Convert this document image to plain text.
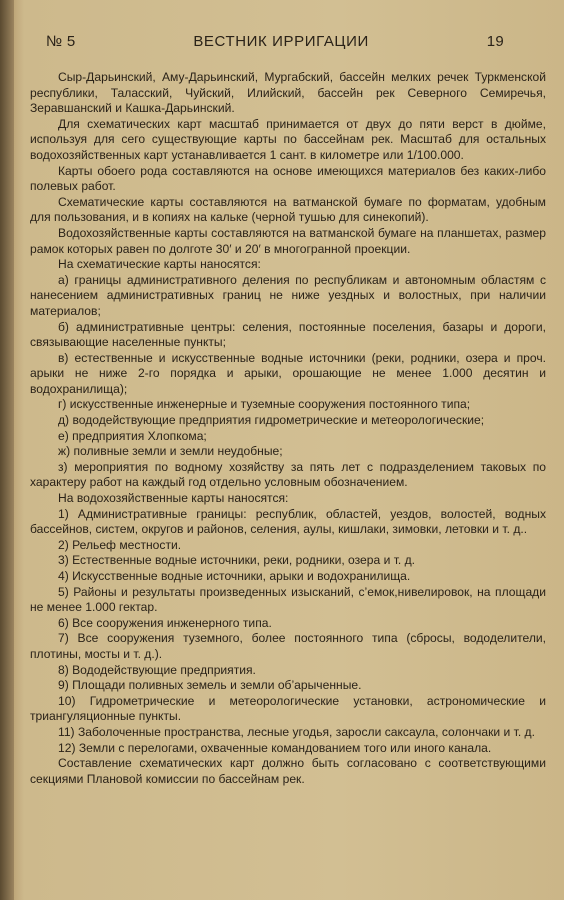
№ 5	ВЕСТНИК ИРРИГАЦИИ	19

Сыр-Дарьинский, Аму-Дарьинский, Мургабский, бассейн мелких речек Туркменской республики, Таласский, Чуйский, Илийский, бассейн рек Северного Семиречья, Зеравшанский и Кашка-Дарьинский.

Для схематических карт масштаб принимается от двух до пяти верст в дюйме, используя для сего существующие карты по бассейнам рек. Масштаб для остальных водохозяйственных карт устанавливается 1 сант. в километре или 1/100.000.

Карты обоего рода составляются на основе имеющихся материалов без каких-либо полевых работ.

Схематические карты составляются на ватманской бумаге по форматам, удобным для пользования, и в копиях на кальке (черной тушью для синекопий).

Водохозяйственные карты составляются на ватманской бумаге на планшетах, размер рамок которых равен по долготе 30′ и 20′ в многогранной проекции.

На схематические карты наносятся:

а) границы административного деления по республикам и автономным областям с нанесением административных границ не ниже уездных и волостных, при наличии материалов;

б) административные центры: селения, постоянные поселения, базары и дороги, связывающие населенные пункты;

в) естественные и искусственные водные источники (реки, родники, озера и проч. арыки не ниже 2-го порядка и арыки, орошающие не менее 1.000 десятин и водохранилища);

г) искусственные инженерные и туземные сооружения постоянного типа;

д) вододействующие предприятия гидрометрические и метеорологические;

е) предприятия Хлопкома;

ж) поливные земли и земли неудобные;

з) мероприятия по водному хозяйству за пять лет с подразделением таковых по характеру работ на каждый год отдельно условным обозначением.

На водохозяйственные карты наносятся:

1) Административные границы: республик, областей, уездов, волостей, водных бассейнов, систем, округов и районов, селения, аулы, кишлаки, зимовки, летовки и т. д..

2) Рельеф местности.

3) Естественные водные источники, реки, родники, озера и т. д.

4) Искусственные водные источники, арыки и водохранилища.

5) Районы и результаты произведенных изысканий, с’емок,нивелировок, на площади не менее 1.000 гектар.

6) Все сооружения инженерного типа.

7) Все сооружения туземного, более постоянного типа (сбросы, вододелители, плотины, мосты и т. д.).

8) Вододействующие предприятия.

9) Площади поливных земель и земли об’арыченные.

10) Гидрометрические и метеорологические установки, астрономические и триангуляционные пункты.

11) Заболоченные пространства, лесные угодья, заросли саксаула, солончаки и т. д.

12) Земли с перелогами, охваченные командованием того или иного канала.

Составление схематических карт должно быть согласовано с соответствующими секциями Плановой комиссии по бассейнам рек.
